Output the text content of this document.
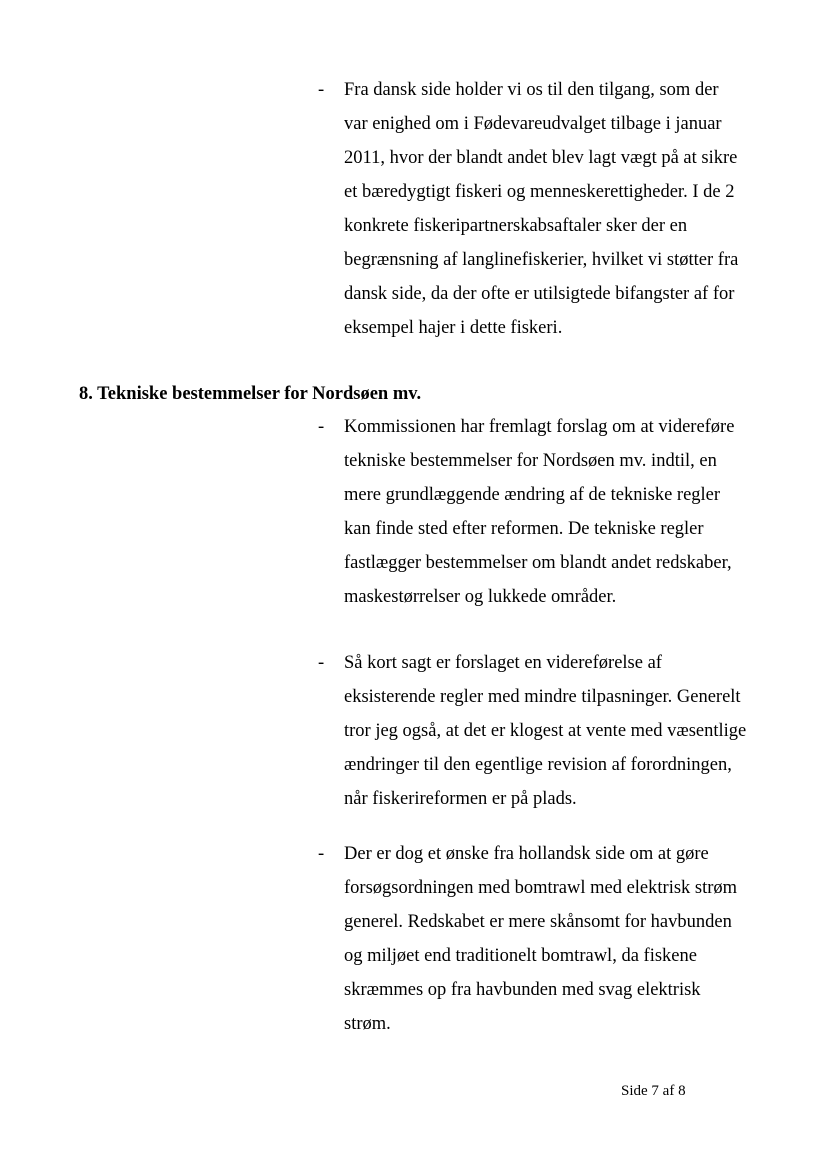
- Fra dansk side holder vi os til den tilgang, som der
var enighed om i Fødevareudvalget tilbage i januar
2011, hvor der blandt andet blev lagt vægt på at sikre
et bæredygtigt fiskeri og menneskerettigheder. I de 2
konkrete fiskeripartnerskabsaftaler sker der en
begrænsning af langlinefiskerier, hvilket vi støtter fra
dansk side, da der ofte er utilsigtede bifangster af for
eksempel hajer i dette fiskeri.
8. Tekniske bestemmelser for Nordsøen mv.
- Kommissionen har fremlagt forslag om at videreføre
tekniske bestemmelser for Nordsøen mv. indtil, en
mere grundlæggende ændring af de tekniske regler
kan finde sted efter reformen. De tekniske regler
fastlægger bestemmelser om blandt andet redskaber,
maskestørrelser og lukkede områder.
- Så kort sagt er forslaget en videreførelse af
eksisterende regler med mindre tilpasninger. Generelt
tror jeg også, at det er klogest at vente med væsentlige
ændringer til den egentlige revision af forordningen,
når fiskerireformen er på plads.
- Der er dog et ønske fra hollandsk side om at gøre
forsøgsordningen med bomtrawl med elektrisk strøm
generel. Redskabet er mere skånsomt for havbunden
og miljøet end traditionelt bomtrawl, da fiskene
skræmmes op fra havbunden med svag elektrisk
strøm.
Side 7 af 8
